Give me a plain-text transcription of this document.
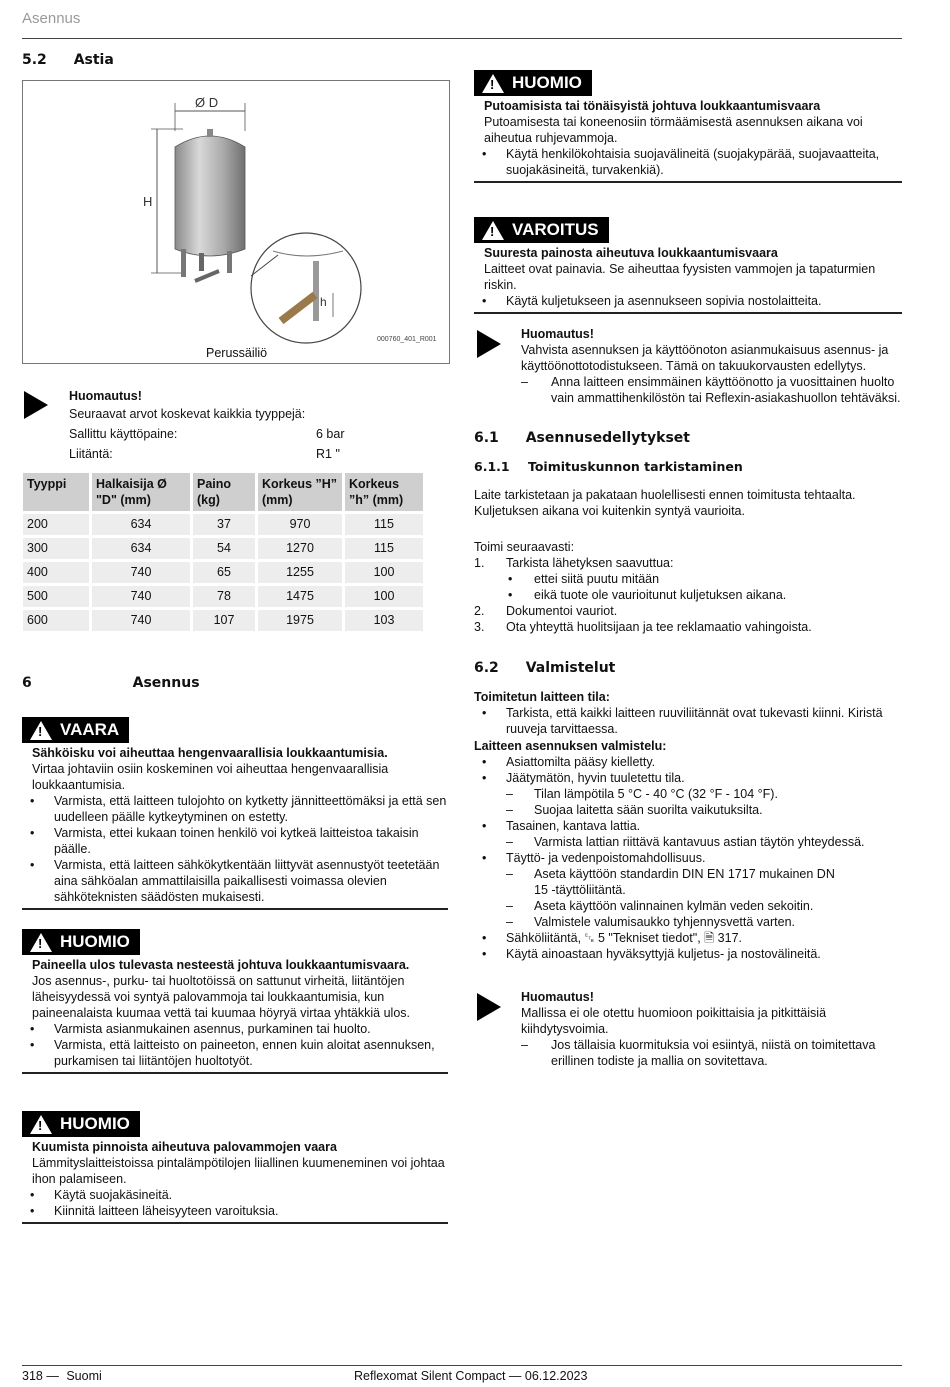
Asennus
5.2 Astia
Ø D
H
h
000760_401_R001
Perussäiliö

Huomautus!

Seuraavat arvot koskevat kaikkia tyyppejä:

Sallittu käyttöpaine:	6 bar
Liitäntä:	R1 "
Tyyppi	Halkaisija Ø "D" (mm)	Paino (kg)	Korkeus ”H” (mm)	Korkeus ”h” (mm)
200	634	37	970	115
300	634	54	1270	115
400	740	65	1255	100
500	740	78	1475	100
600	740	107	1975	103
6	Asennus
!
VAARA

Sähköisku voi aiheuttaa hengenvaarallisia loukkaantumisia.

Virtaa johtaviin osiin koskeminen voi aiheuttaa hengenvaarallisia loukkaantumisia.

• Varmista, että laitteen tulojohto on kytketty jännitteettömäksi ja että sen uudelleen päälle kytkeytyminen on estetty.
• Varmista, ettei kukaan toinen henkilö voi kytkeä laitteistoa takaisin päälle.
• Varmista, että laitteen sähkökytkentään liittyvät asennustyöt teetetään aina sähköalan ammattilaisilla paikallisesti voimassa olevien sähköteknisten säädösten mukaisesti.
!
HUOMIO

Paineella ulos tulevasta nesteestä johtuva loukkaantumisvaara.

Jos asennus-, purku- tai huoltotöissä on sattunut virheitä, liitäntöjen läheisyydessä voi syntyä palovammoja tai loukkaantumisia, kun paineenalaista kuumaa vettä tai kuumaa höyryä virtaa yhtäkkiä ulos.

• Varmista asianmukainen asennus, purkaminen tai huolto.
• Varmista, että laitteisto on paineeton, ennen kuin aloitat asennuksen, purkamisen tai liitäntöjen huoltotyöt.
!
HUOMIO

Kuumista pinnoista aiheutuva palovammojen vaara

Lämmityslaitteistoissa pintalämpötilojen liiallinen kuumeneminen voi johtaa ihon palamiseen.

• Käytä suojakäsineitä.
• Kiinnitä laitteen läheisyyteen varoituksia.
!
HUOMIO

Putoamisista tai tönäisyistä johtuva loukkaantumisvaara

Putoamisesta tai koneenosiin törmäämisestä asennuksen aikana voi aiheutua ruhjevammoja.

• Käytä henkilökohtaisia suojavälineitä (suojakypärää, suojavaatteita, suojakäsineitä, turvakenkiä).
!
VAROITUS

Suuresta painosta aiheutuva loukkaantumisvaara

Laitteet ovat painavia. Se aiheuttaa fyysisten vammojen ja tapaturmien riskin.

• Käytä kuljetukseen ja asennukseen sopivia nostolaitteita.

Huomautus!

Vahvista asennuksen ja käyttöönoton asianmukaisuus asennus- ja käyttöönottotodistukseen. Tämä on takuukorvausten edellytys.

– Anna laitteen ensimmäinen käyttöönotto ja vuosittainen huolto vain ammattihenkilöstön tai Reflexin-asiakashuollon tehtäväksi.
6.1 Asennusedellytykset
6.1.1 Toimituskunnon tarkistaminen

Laite tarkistetaan ja pakataan huolellisesti ennen toimitusta tehtaalta. Kuljetuksen aikana voi kuitenkin syntyä vaurioita.

Toimi seuraavasti:

1. Tarkista lähetyksen saavuttua:
• ettei siitä puutu mitään
• eikä tuote ole vaurioitunut kuljetuksen aikana.
2. Dokumentoi vauriot.
3. Ota yhteyttä huolitsijaan ja tee reklamaatio vahingoista.
6.2 Valmistelut

Toimitetun laitteen tila:

• Tarkista, että kaikki laitteen ruuviliitännät ovat tukevasti kiinni. Kiristä ruuveja tarvittaessa.

Laitteen asennuksen valmistelu:

• Asiattomilta pääsy kielletty.
• Jäätymätön, hyvin tuuletettu tila.
– Tilan lämpötila 5 °C - 40 °C (32 °F - 104 °F).
– Suojaa laitetta sään suorilta vaikutuksilta.
• Tasainen, kantava lattia.
– Varmista lattian riittävä kantavuus astian täytön yhteydessä.
• Täyttö- ja vedenpoistomahdollisuus.
– Aseta käyttöön standardin DIN EN 1717 mukainen DN 15 -täyttöliitäntä.
– Aseta käyttöön valinnainen kylmän veden sekoitin.
– Valmistele valumisaukko tyhjennysvettä varten.
• Sähköliitäntä, ␗ 5 "Tekniset tiedot", 🗎 317.
• Käytä ainoastaan hyväksyttyjä kuljetus- ja nostovälineitä.

Huomautus!

Mallissa ei ole otettu huomioon poikittaisia ja pitkittäisiä kiihdytysvoimia.

– Jos tällaisia kuormituksia voi esiintyä, niistä on toimitettava erillinen todiste ja mallia on sovitettava.
318 — Suomi	Reflexomat Silent Compact — 06.12.2023
